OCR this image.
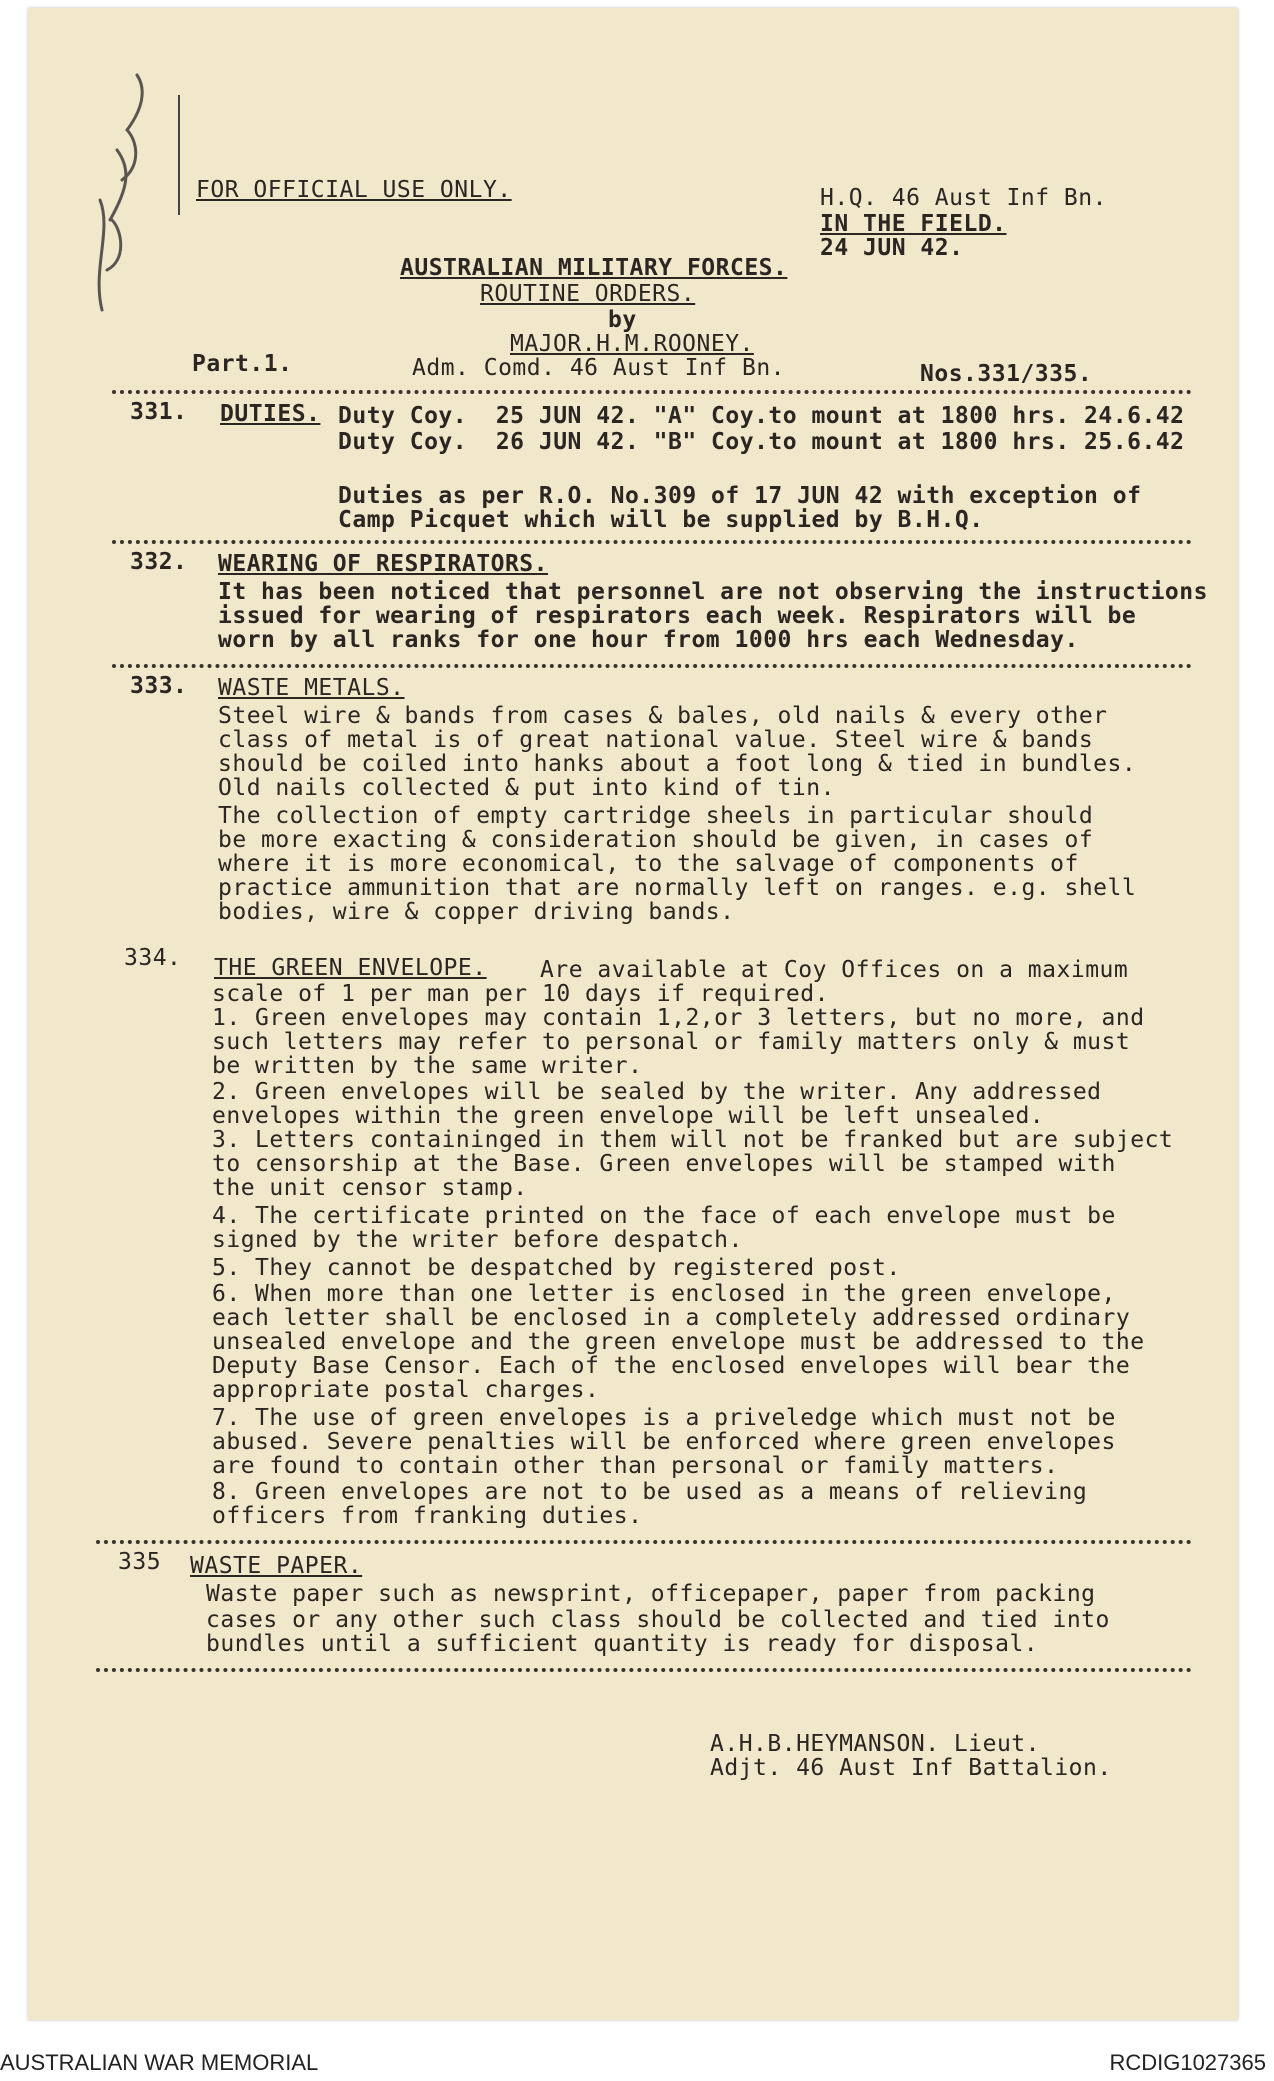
FOR OFFICIAL USE ONLY.	H.Q. 46 Aust Inf Bn.
IN THE FIELD.
24 JUN 42.
AUSTRALIAN MILITARY FORCES.
ROUTINE ORDERS.
by
MAJOR.H.M.ROONEY.
Part.1.	Adm. Comd. 46 Aust Inf Bn.	Nos.331/335.
331. DUTIES. Duty Coy.  25 JUN 42. "A" Coy.to mount at 1800 hrs. 24.6.42
Duty Coy.  26 JUN 42. "B" Coy.to mount at 1800 hrs. 25.6.42
Duties as per R.O. No.309 of 17 JUN 42 with exception of
Camp Picquet which will be supplied by B.H.Q.
332. WEARING OF RESPIRATORS.
It has been noticed that personnel are not observing the instructions
issued for wearing of respirators each week. Respirators will be
worn by all ranks for one hour from 1000 hrs each Wednesday.
333. WASTE METALS.
Steel wire & bands from cases & bales, old nails & every other
class of metal is of great national value. Steel wire & bands
should be coiled into hanks about a foot long & tied in bundles.
Old nails collected & put into kind of tin.
The collection of empty cartridge sheels in particular should
be more exacting & consideration should be given, in cases of
where it is more economical, to the salvage of components of
practice ammunition that are normally left on ranges. e.g. shell
bodies, wire & copper driving bands.
334. THE GREEN ENVELOPE. Are available at Coy Offices on a maximum
scale of 1 per man per 10 days if required.
1. Green envelopes may contain 1,2,or 3 letters, but no more, and
such letters may refer to personal or family matters only & must
be written by the same writer.
2. Green envelopes will be sealed by the writer. Any addressed
envelopes within the green envelope will be left unsealed.
3. Letters containinged in them will not be franked but are subject
to censorship at the Base. Green envelopes will be stamped with
the unit censor stamp.
4. The certificate printed on the face of each envelope must be
signed by the writer before despatch.
5. They cannot be despatched by registered post.
6. When more than one letter is enclosed in the green envelope,
each letter shall be enclosed in a completely addressed ordinary
unsealed envelope and the green envelope must be addressed to the
Deputy Base Censor. Each of the enclosed envelopes will bear the
appropriate postal charges.
7. The use of green envelopes is a priveledge which must not be
abused. Severe penalties will be enforced where green envelopes
are found to contain other than personal or family matters.
8. Green envelopes are not to be used as a means of relieving
officers from franking duties.
335 WASTE PAPER.
Waste paper such as newsprint, officepaper, paper from packing
cases or any other such class should be collected and tied into
bundles until a sufficient quantity is ready for disposal.
A.H.B.HEYMANSON. Lieut.
Adjt. 46 Aust Inf Battalion.
AUSTRALIAN WAR MEMORIAL	RCDIG1027365
